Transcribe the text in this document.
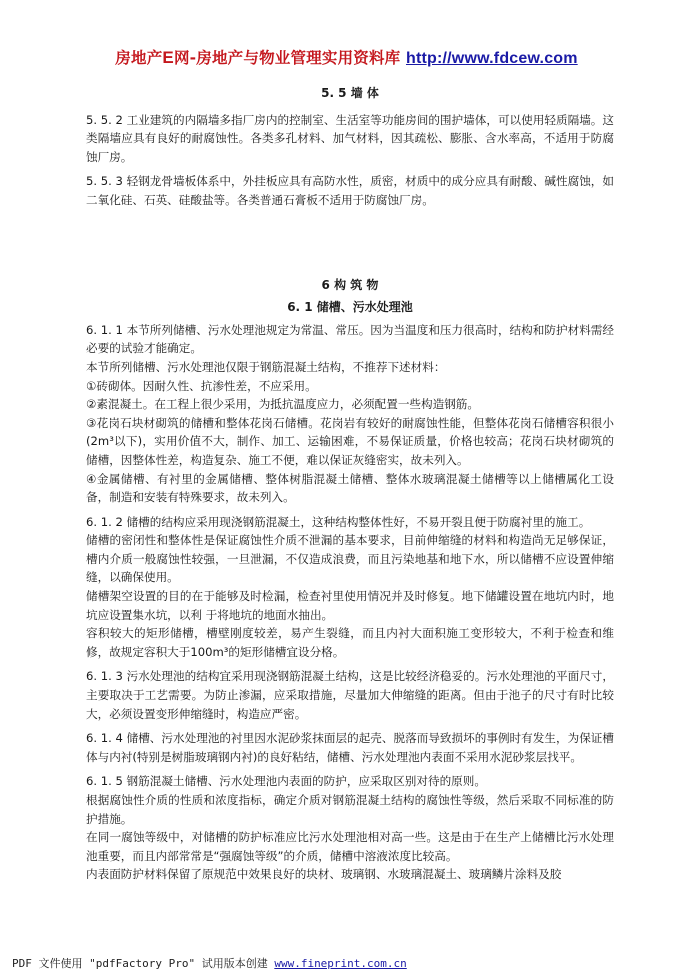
房地产E网-房地产与物业管理实用资料库 http://www.fdcew.com

5. 5 墙 体

5. 5. 2 工业建筑的内隔墙多指厂房内的控制室、生活室等功能房间的围护墙体，可以使用轻质隔墙。这类隔墙应具有良好的耐腐蚀性。各类多孔材料、加气材料，因其疏松、膨胀、含水率高，不适用于防腐蚀厂房。

5. 5. 3 轻钢龙骨墙板体系中，外挂板应具有高防水性，质密，材质中的成分应具有耐酸、碱性腐蚀，如二氧化硅、石英、硅酸盐等。各类普通石膏板不适用于防腐蚀厂房。

6 构 筑 物

6. 1 储槽、污水处理池

6. 1. 1 本节所列储槽、污水处理池规定为常温、常压。因为当温度和压力很高时，结构和防护材料需经必要的试验才能确定。

本节所列储槽、污水处理池仅限于钢筋混凝土结构，不推荐下述材料：

①砖砌体。因耐久性、抗渗性差，不应采用。

②素混凝土。在工程上很少采用，为抵抗温度应力，必须配置一些构造钢筋。

③花岗石块材砌筑的储槽和整体花岗石储槽。花岗岩有较好的耐腐蚀性能，但整体花岗石储槽容积很小(2m³以下)，实用价值不大，制作、加工、运输困难，不易保证质量，价格也较高；花岗石块材砌筑的储槽，因整体性差，构造复杂、施工不便，难以保证灰缝密实，故未列入。

④金属储槽、有衬里的金属储槽、整体树脂混凝土储槽、整体水玻璃混凝土储槽等以上储槽属化工设备，制造和安装有特殊要求，故未列入。

6. 1. 2 储槽的结构应采用现浇钢筋混凝土，这种结构整体性好，不易开裂且便于防腐衬里的施工。

储槽的密闭性和整体性是保证腐蚀性介质不泄漏的基本要求，目前伸缩缝的材料和构造尚无足够保证，槽内介质一般腐蚀性较强，一旦泄漏，不仅造成浪费，而且污染地基和地下水，所以储槽不应设置伸缩缝，以确保使用。

储槽架空设置的目的在于能够及时检漏，检查衬里使用情况并及时修复。地下储罐设置在地坑内时，地坑应设置集水坑，以利 于将地坑的地面水抽出。

容积较大的矩形储槽，槽壁刚度较差，易产生裂缝，而且内衬大面积施工变形较大，不利于检查和维修，故规定容积大于100m³的矩形储槽宜设分格。

6. 1. 3 污水处理池的结构宜采用现浇钢筋混凝土结构，这是比较经济稳妥的。污水处理池的平面尺寸，主要取决于工艺需要。为防止渗漏，应采取措施，尽量加大伸缩缝的距离。但由于池子的尺寸有时比较大，必须设置变形伸缩缝时，构造应严密。

6. 1. 4 储槽、污水处理池的衬里因水泥砂浆抹面层的起壳、脱落而导致损坏的事例时有发生，为保证槽体与内衬(特别是树脂玻璃钢内衬)的良好粘结，储槽、污水处理池内表面不采用水泥砂浆层找平。

6. 1. 5 钢筋混凝土储槽、污水处理池内表面的防护，应采取区别对待的原则。

根据腐蚀性介质的性质和浓度指标，确定介质对钢筋混凝土结构的腐蚀性等级，然后采取不同标准的防护措施。

在同一腐蚀等级中，对储槽的防护标准应比污水处理池相对高一些。这是由于在生产上储槽比污水处理池重要，而且内部常常是“强腐蚀等级”的介质，储槽中溶液浓度比较高。

内表面防护材料保留了原规范中效果良好的块材、玻璃钢、水玻璃混凝土、玻璃鳞片涂料及胶

PDF 文件使用 "pdfFactory Pro" 试用版本创建 www.fineprint.com.cn
